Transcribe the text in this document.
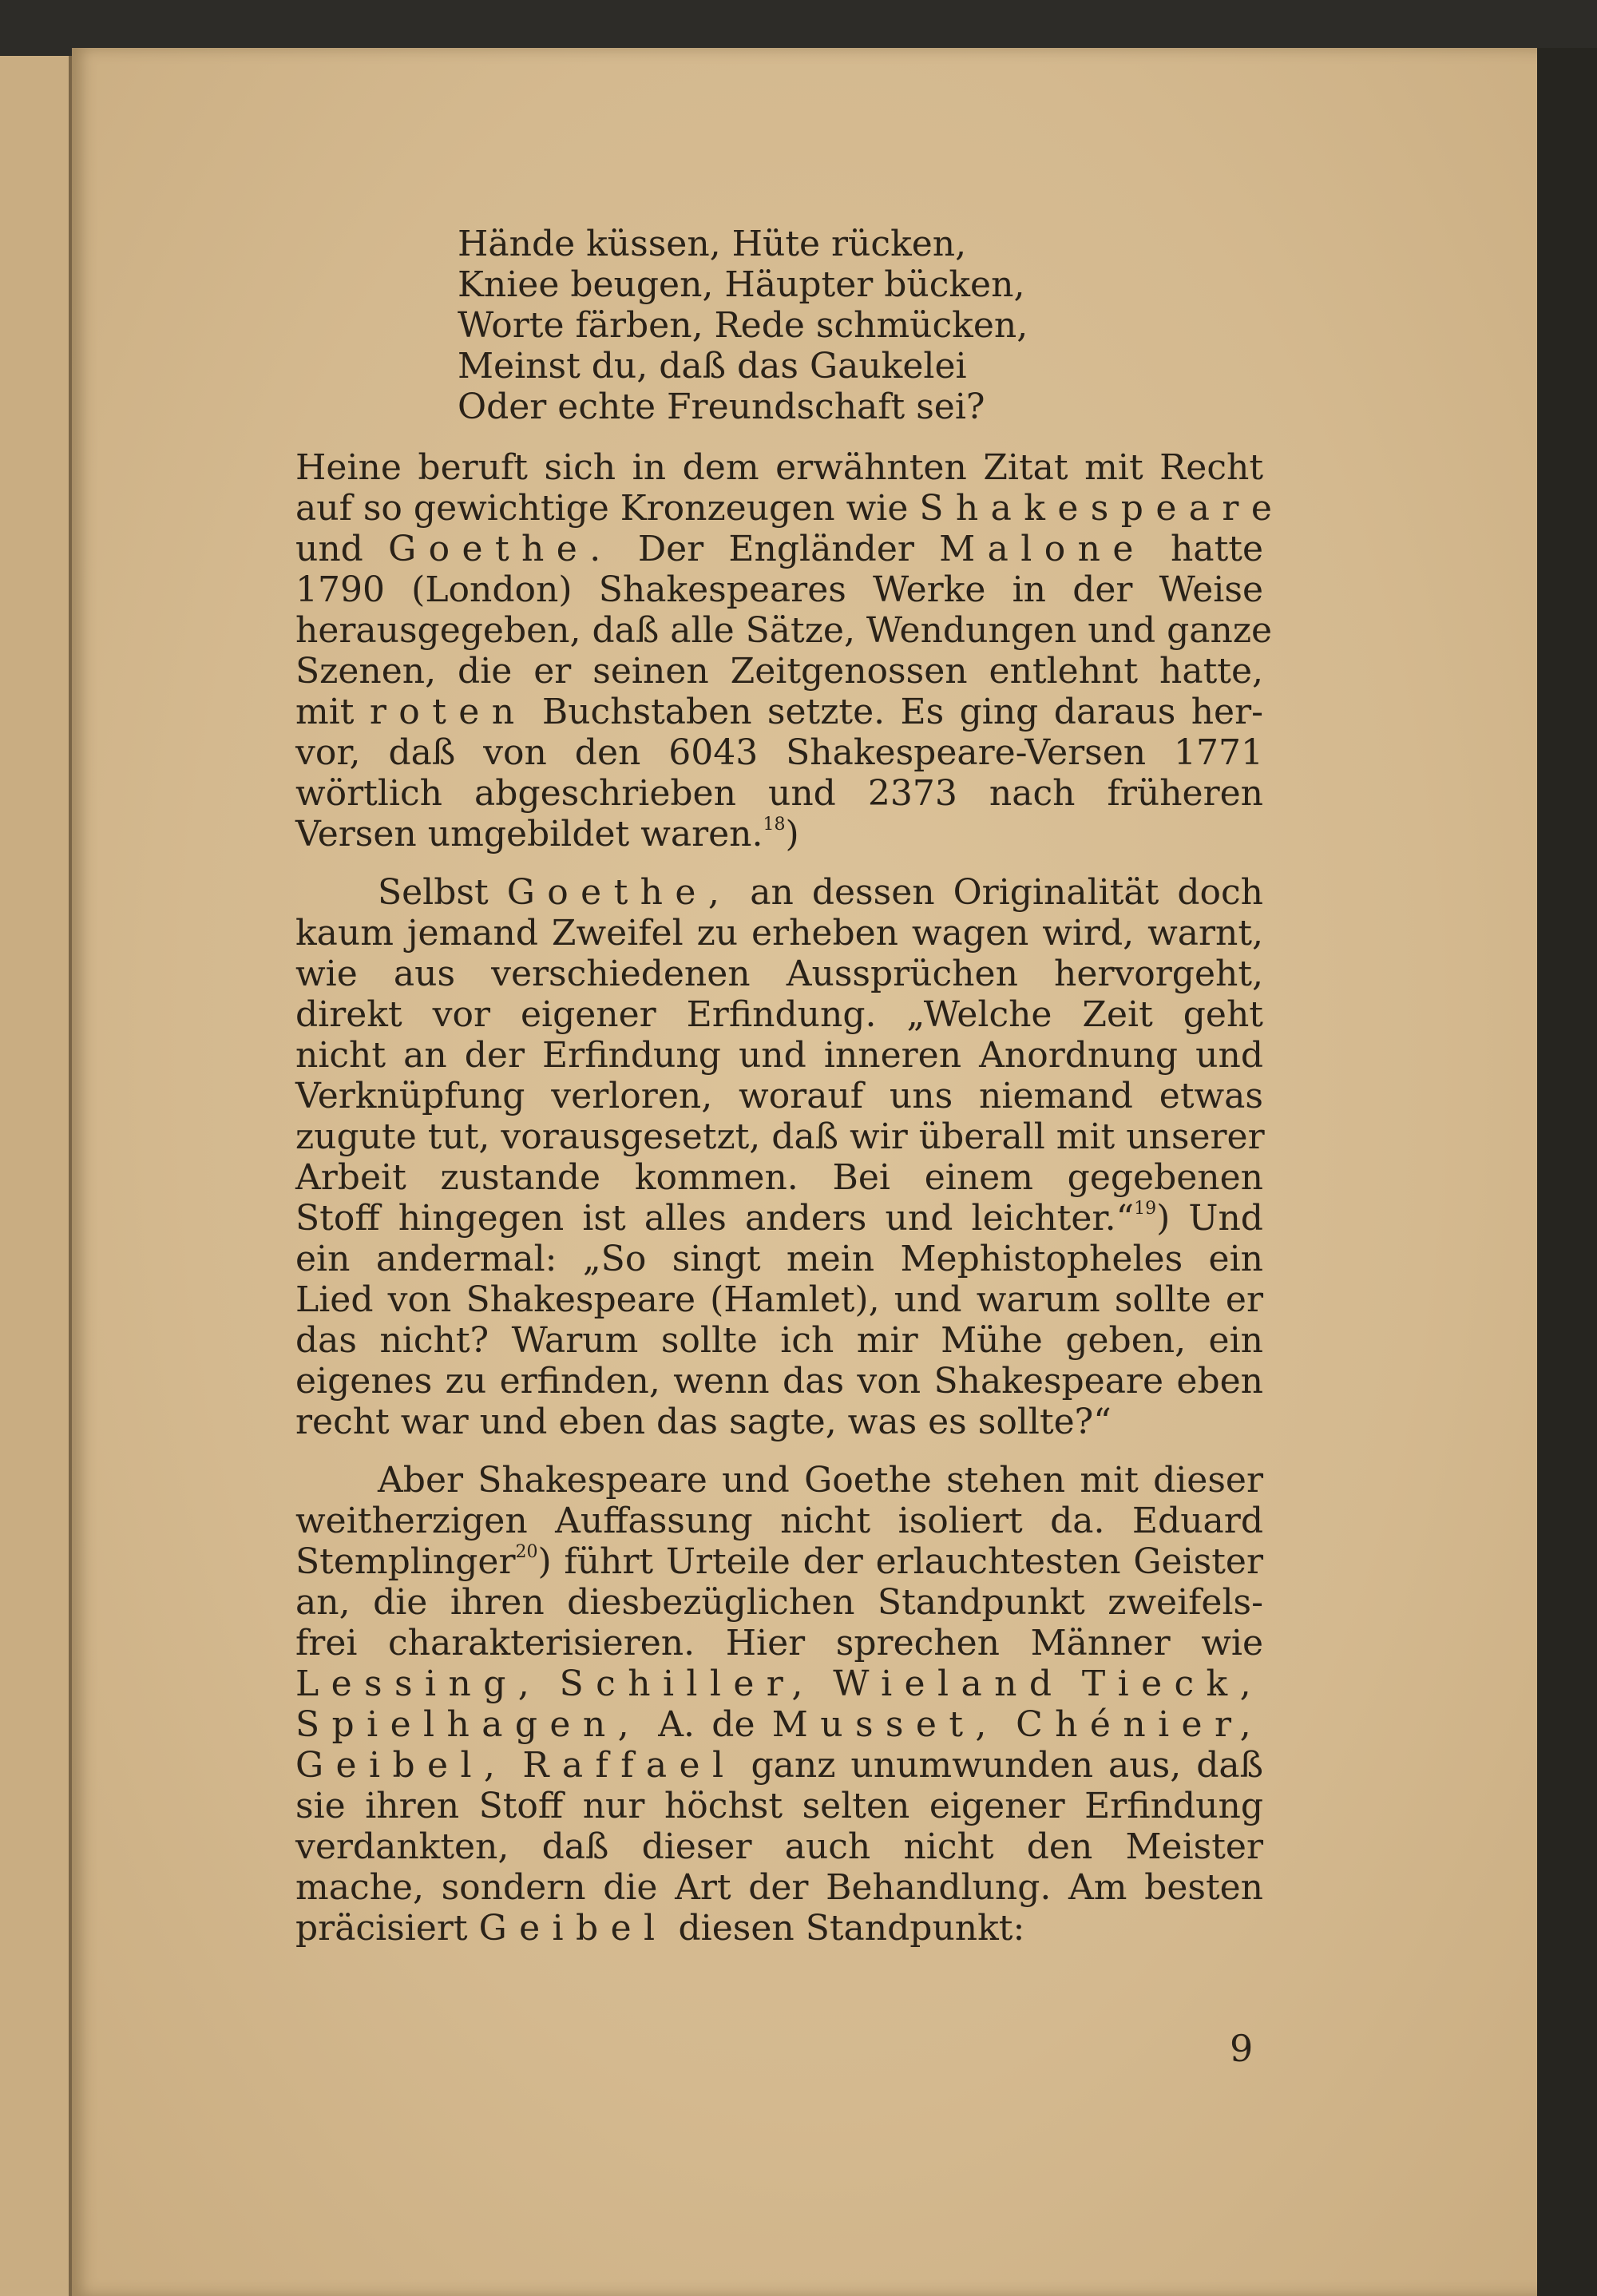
Hände küssen, Hüte rücken,
Kniee beugen, Häupter bücken,
Worte färben, Rede schmücken,
Meinst du, daß das Gaukelei
Oder echte Freundschaft sei?
Heine beruft sich in dem erwähnten Zitat mit Recht
auf so gewichtige Kronzeugen wie Shakespeare
und Goethe. Der Engländer Malone hatte
1790 (London) Shakespeares Werke in der Weise
herausgegeben, daß alle Sätze, Wendungen und ganze
Szenen, die er seinen Zeitgenossen entlehnt hatte,
mit roten Buchstaben setzte. Es ging daraus her-
vor, daß von den 6043 Shakespeare-Versen 1771
wörtlich abgeschrieben und 2373 nach früheren
Versen umgebildet waren.$^{18}$)
Selbst Goethe, an dessen Originalität doch
kaum jemand Zweifel zu erheben wagen wird, warnt,
wie aus verschiedenen Aussprüchen hervorgeht,
direkt vor eigener Erfindung. „Welche Zeit geht
nicht an der Erfindung und inneren Anordnung und
Verknüpfung verloren, worauf uns niemand etwas
zugute tut, vorausgesetzt, daß wir überall mit unserer
Arbeit zustande kommen. Bei einem gegebenen
Stoff hingegen ist alles anders und leichter.“$^{19}$) Und
ein andermal: „So singt mein Mephistopheles ein
Lied von Shakespeare (Hamlet), und warum sollte er
das nicht? Warum sollte ich mir Mühe geben, ein
eigenes zu erfinden, wenn das von Shakespeare eben
recht war und eben das sagte, was es sollte?“
Aber Shakespeare und Goethe stehen mit dieser
weitherzigen Auffassung nicht isoliert da. Eduard
Stemplinger$^{20}$) führt Urteile der erlauchtesten Geister
an, die ihren diesbezüglichen Standpunkt zweifels-
frei charakterisieren. Hier sprechen Männer wie
Lessing, Schiller, Wieland Tieck,
Spielhagen, A. de Musset, Chénier,
Geibel, Raffael ganz unumwunden aus, daß
sie ihren Stoff nur höchst selten eigener Erfindung
verdankten, daß dieser auch nicht den Meister
mache, sondern die Art der Behandlung. Am besten
präcisiert Geibel diesen Standpunkt:
9
